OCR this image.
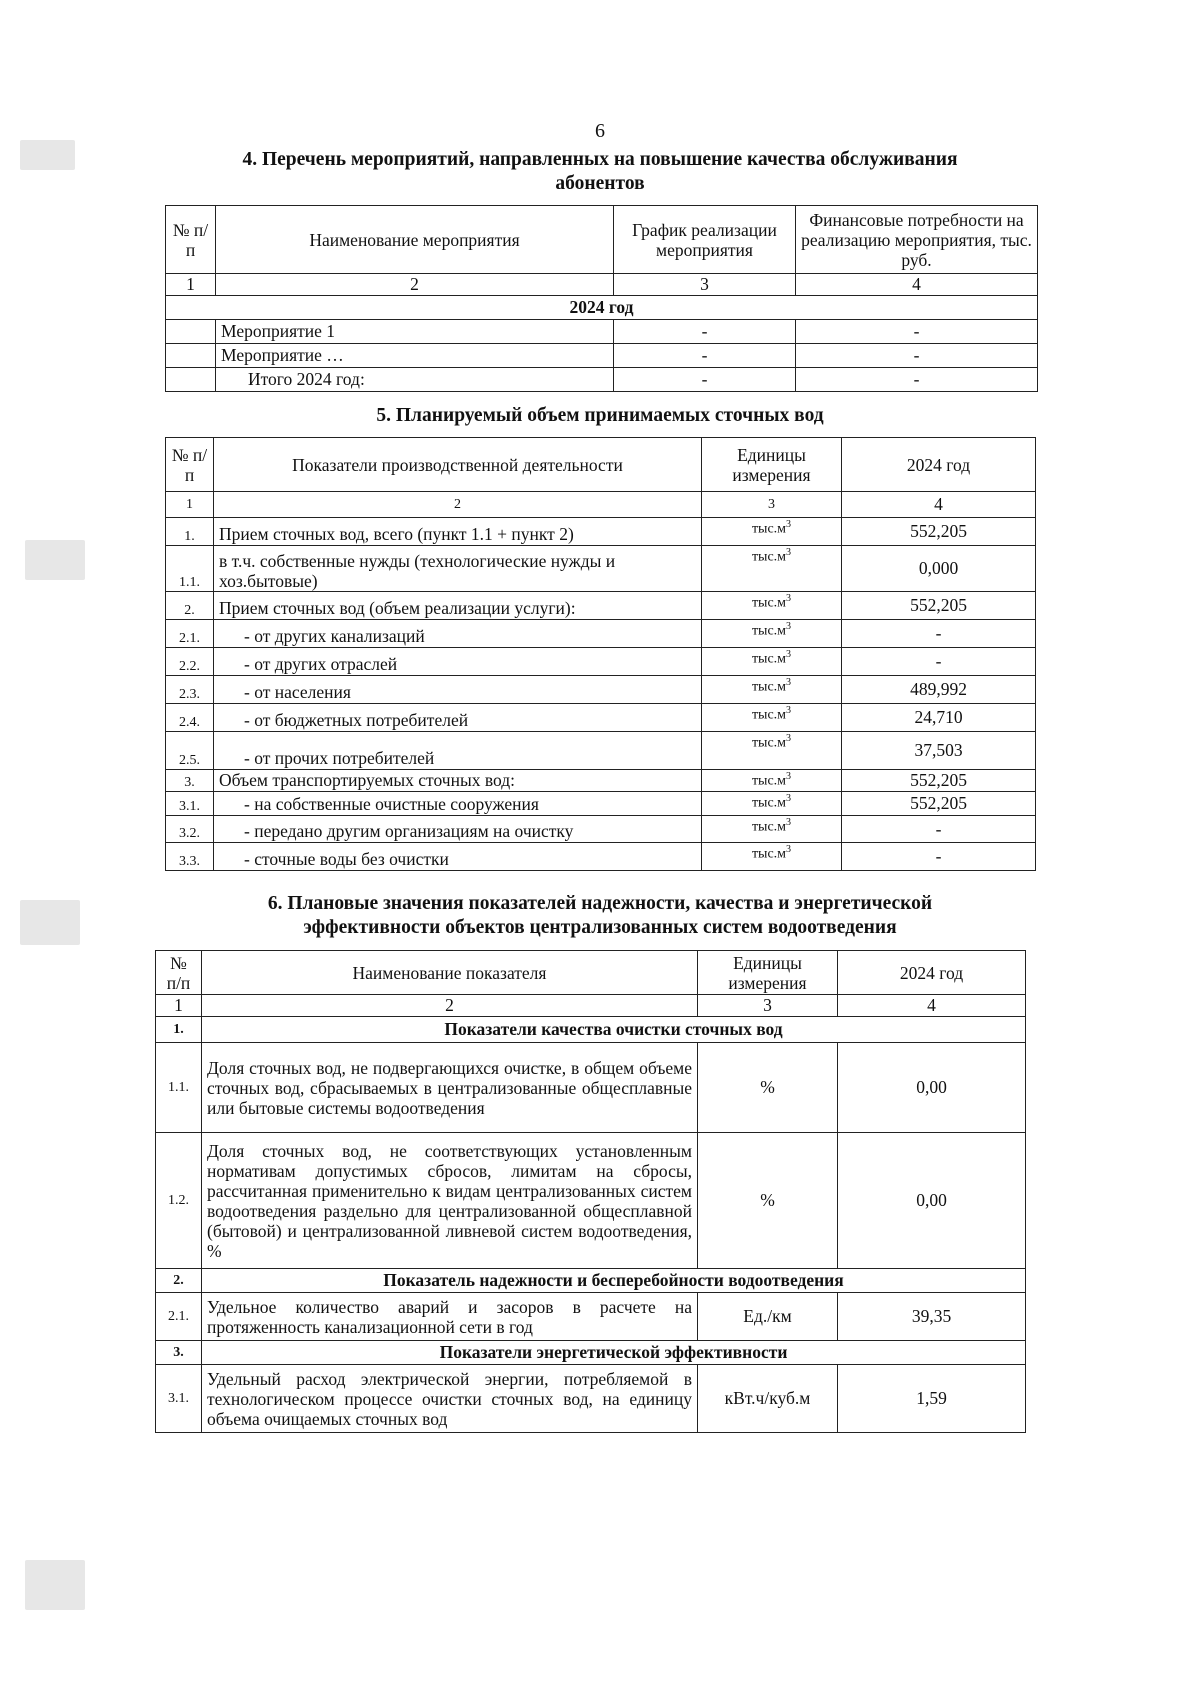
6
4. Перечень мероприятий, направленных на повышение качества обслуживания
абонентов
№ п/п	Наименование мероприятия	График реализации мероприятия	Финансовые потребности на реализацию мероприятия, тыс. руб.
1	2	3	4
2024 год			
	Мероприятие 1	-	-
	Мероприятие …	-	-
	Итого 2024 год:	-	-
5. Планируемый объем принимаемых сточных вод
№ п/п	Показатели производственной деятельности	Единицы измерения	2024 год
1	2	3	4
1.	Прием сточных вод, всего (пункт 1.1 + пункт 2)	$тыс.м^3$	552,205
1.1.	в т.ч. собственные нужды (технологические нужды и хоз.бытовые)	$тыс.м^3$	0,000
2.	Прием сточных вод (объем реализации услуги):	$тыс.м^3$	552,205
2.1.	- от других канализаций	$тыс.м^3$	-
2.2.	- от других отраслей	$тыс.м^3$	-
2.3.	- от населения	$тыс.м^3$	489,992
2.4.	- от бюджетных потребителей	$тыс.м^3$	24,710
2.5.	- от прочих потребителей	$тыс.м^3$	37,503
3.	Объем транспортируемых сточных вод:	$тыс.м^3$	552,205
3.1.	- на собственные очистные сооружения	$тыс.м^3$	552,205
3.2.	- передано другим организациям на очистку	$тыс.м^3$	-
3.3.	- сточные воды без очистки	$тыс.м^3$	-
6. Плановые значения показателей надежности, качества и энергетической
эффективности объектов централизованных систем водоотведения
№ п/п	Наименование показателя	Единицы измерения	2024 год
1	2	3	4
1.	Показатели качества очистки сточных вод		
1.1.	Доля сточных вод, не подвергающихся очистке, в общем объеме сточных вод, сбрасываемых в централизованные общесплавные или бытовые системы водоотведения	%	0,00
1.2.	Доля сточных вод, не соответствующих установленным нормативам допустимых сбросов, лимитам на сбросы, рассчитанная применительно к видам централизованных систем водоотведения раздельно для централизованной общесплавной (бытовой) и централизованной ливневой систем водоотведения, %	%	0,00
2.	Показатель надежности и бесперебойности водоотведения		
2.1.	Удельное количество аварий и засоров в расчете на протяженность канализационной сети в год	Ед./км	39,35
3.	Показатели энергетической эффективности		
3.1.	Удельный расход электрической энергии, потребляемой в технологическом процессе очистки сточных вод, на единицу объема очищаемых сточных вод	кВт.ч/куб.м	1,59
